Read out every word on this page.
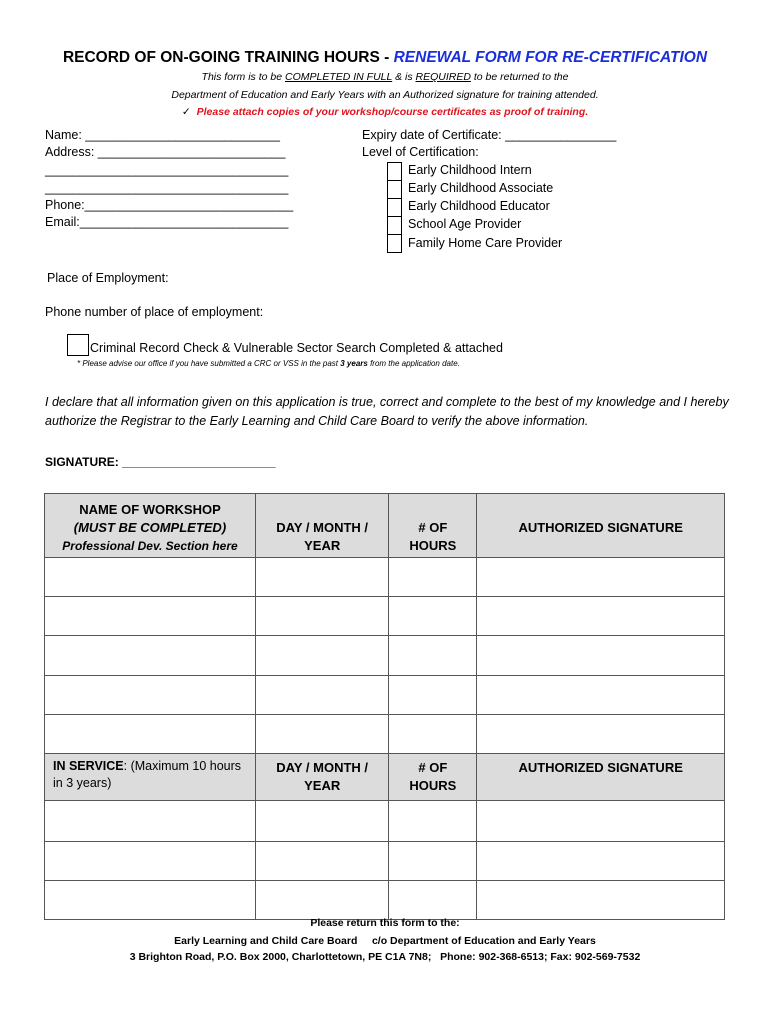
RECORD OF ON-GOING TRAINING HOURS - RENEWAL FORM FOR RE-CERTIFICATION
This form is to be COMPLETED IN FULL & is REQUIRED to be returned to the
Department of Education and Early Years with an Authorized signature for training attended.
✓ Please attach copies of your workshop/course certificates as proof of training.
Name: ____________________________
Address: ___________________________
___________________________________
___________________________________
Phone:______________________________
Email:______________________________
Expiry date of Certificate: ________________
Level of Certification:
Early Childhood Intern
Early Childhood Associate
Early Childhood Educator
School Age Provider
Family Home Care Provider
Place of Employment:
Phone number of place of employment:
Criminal Record Check & Vulnerable Sector Search Completed & attached
* Please advise our office if you have submitted a CRC or VSS in the past 3 years from the application date.
I declare that all information given on this application is true, correct and complete to the best of my knowledge and I hereby authorize the Registrar to the Early Learning and Child Care Board to verify the above information.
SIGNATURE: _______________________
NAME OF WORKSHOP
(MUST BE COMPLETED)
Professional Dev. Section here	DAY / MONTH / YEAR	# OF HOURS	AUTHORIZED SIGNATURE

IN SERVICE: (Maximum 10 hours in 3 years)	DAY / MONTH / YEAR	# OF HOURS	AUTHORIZED SIGNATURE

Please return this form to the:
Early Learning and Child Care Board     c/o Department of Education and Early Years
3 Brighton Road, P.O. Box 2000, Charlottetown, PE C1A 7N8;   Phone: 902-368-6513; Fax: 902-569-7532
